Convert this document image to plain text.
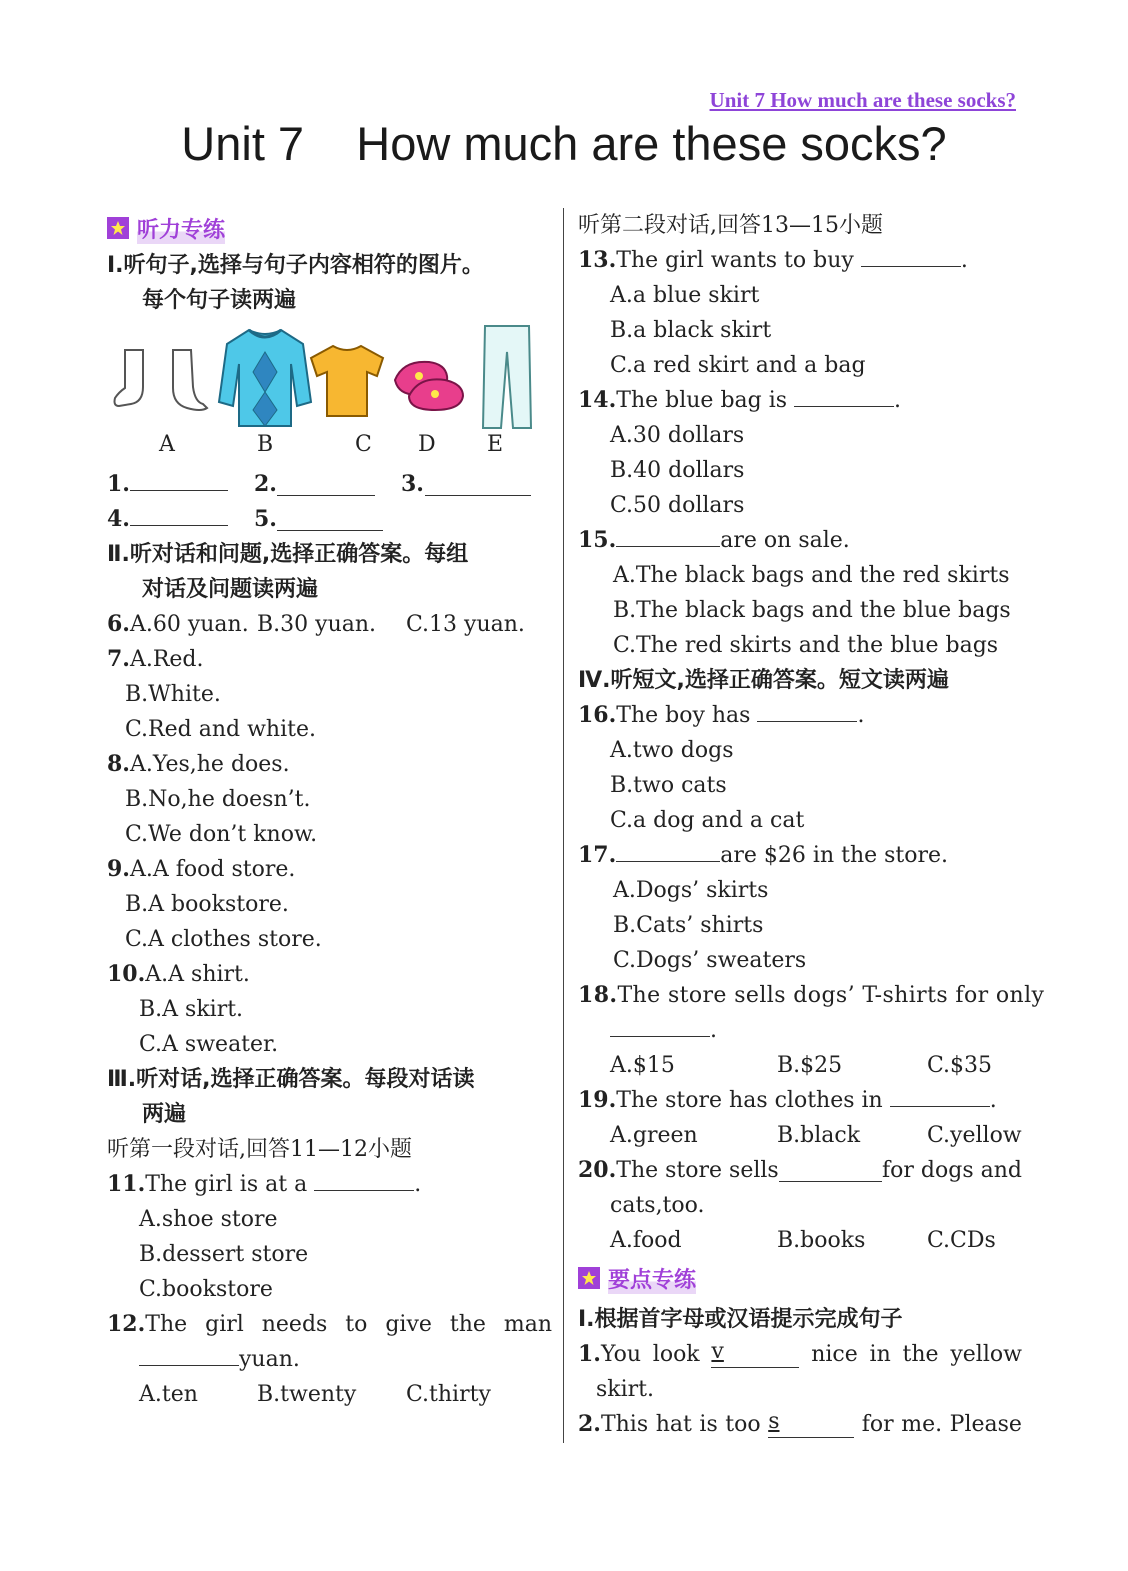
Unit 7 How much are these socks?
Unit 7    How much are these socks?
听力专练
Ⅰ.听句子,选择与句子内容相符的图片。
每个句子读两遍
A	B	C D E
1.	2.	3.
4.	5.
Ⅱ.听对话和问题,选择正确答案。每组
对话及问题读两遍
6.A.60 yuan. B.30 yuan. C.13 yuan.
7.A.Red.
B.White.
C.Red and white.
8.A.Yes,he does.
B.No,he doesn’t.
C.We don’t know.
9.A.A food store.
B.A bookstore.
C.A clothes store.
10.A.A shirt.
B.A skirt.
C.A sweater.
Ⅲ.听对话,选择正确答案。每段对话读
两遍
听第一段对话,回答11—12小题
11.The girl is at a	.
A.shoe store
B.dessert store
C.bookstore
12.The girl needs to give the man
yuan.
A.ten	B.twenty C.thirty
听第二段对话,回答13—15小题
13.The girl wants to buy	.
A.a blue skirt
B.a black skirt
C.a red skirt and a bag
14.The blue bag is	.
A.30 dollars
B.40 dollars
C.50 dollars
15.	are on sale.
A.The black bags and the red skirts
B.The black bags and the blue bags
C.The red skirts and the blue bags
Ⅳ.听短文,选择正确答案。短文读两遍
16.The boy has	.
A.two dogs
B.two cats
C.a dog and a cat
17.	are $26 in the store.
A.Dogs’ skirts
B.Cats’ shirts
C.Dogs’ sweaters
18.The store sells dogs’ T-shirts for only
.
A.$15	B.$25	C.$35
19.The store has clothes in	.
A.green	B.black	C.yellow
20.The store sells	for dogs and
cats,too.
A.food	B.books	C.CDs
要点专练
Ⅰ.根据首字母或汉语提示完成句子
1.You look v	nice in the yellow
skirt.
2.This hat is too s	for me. Please
